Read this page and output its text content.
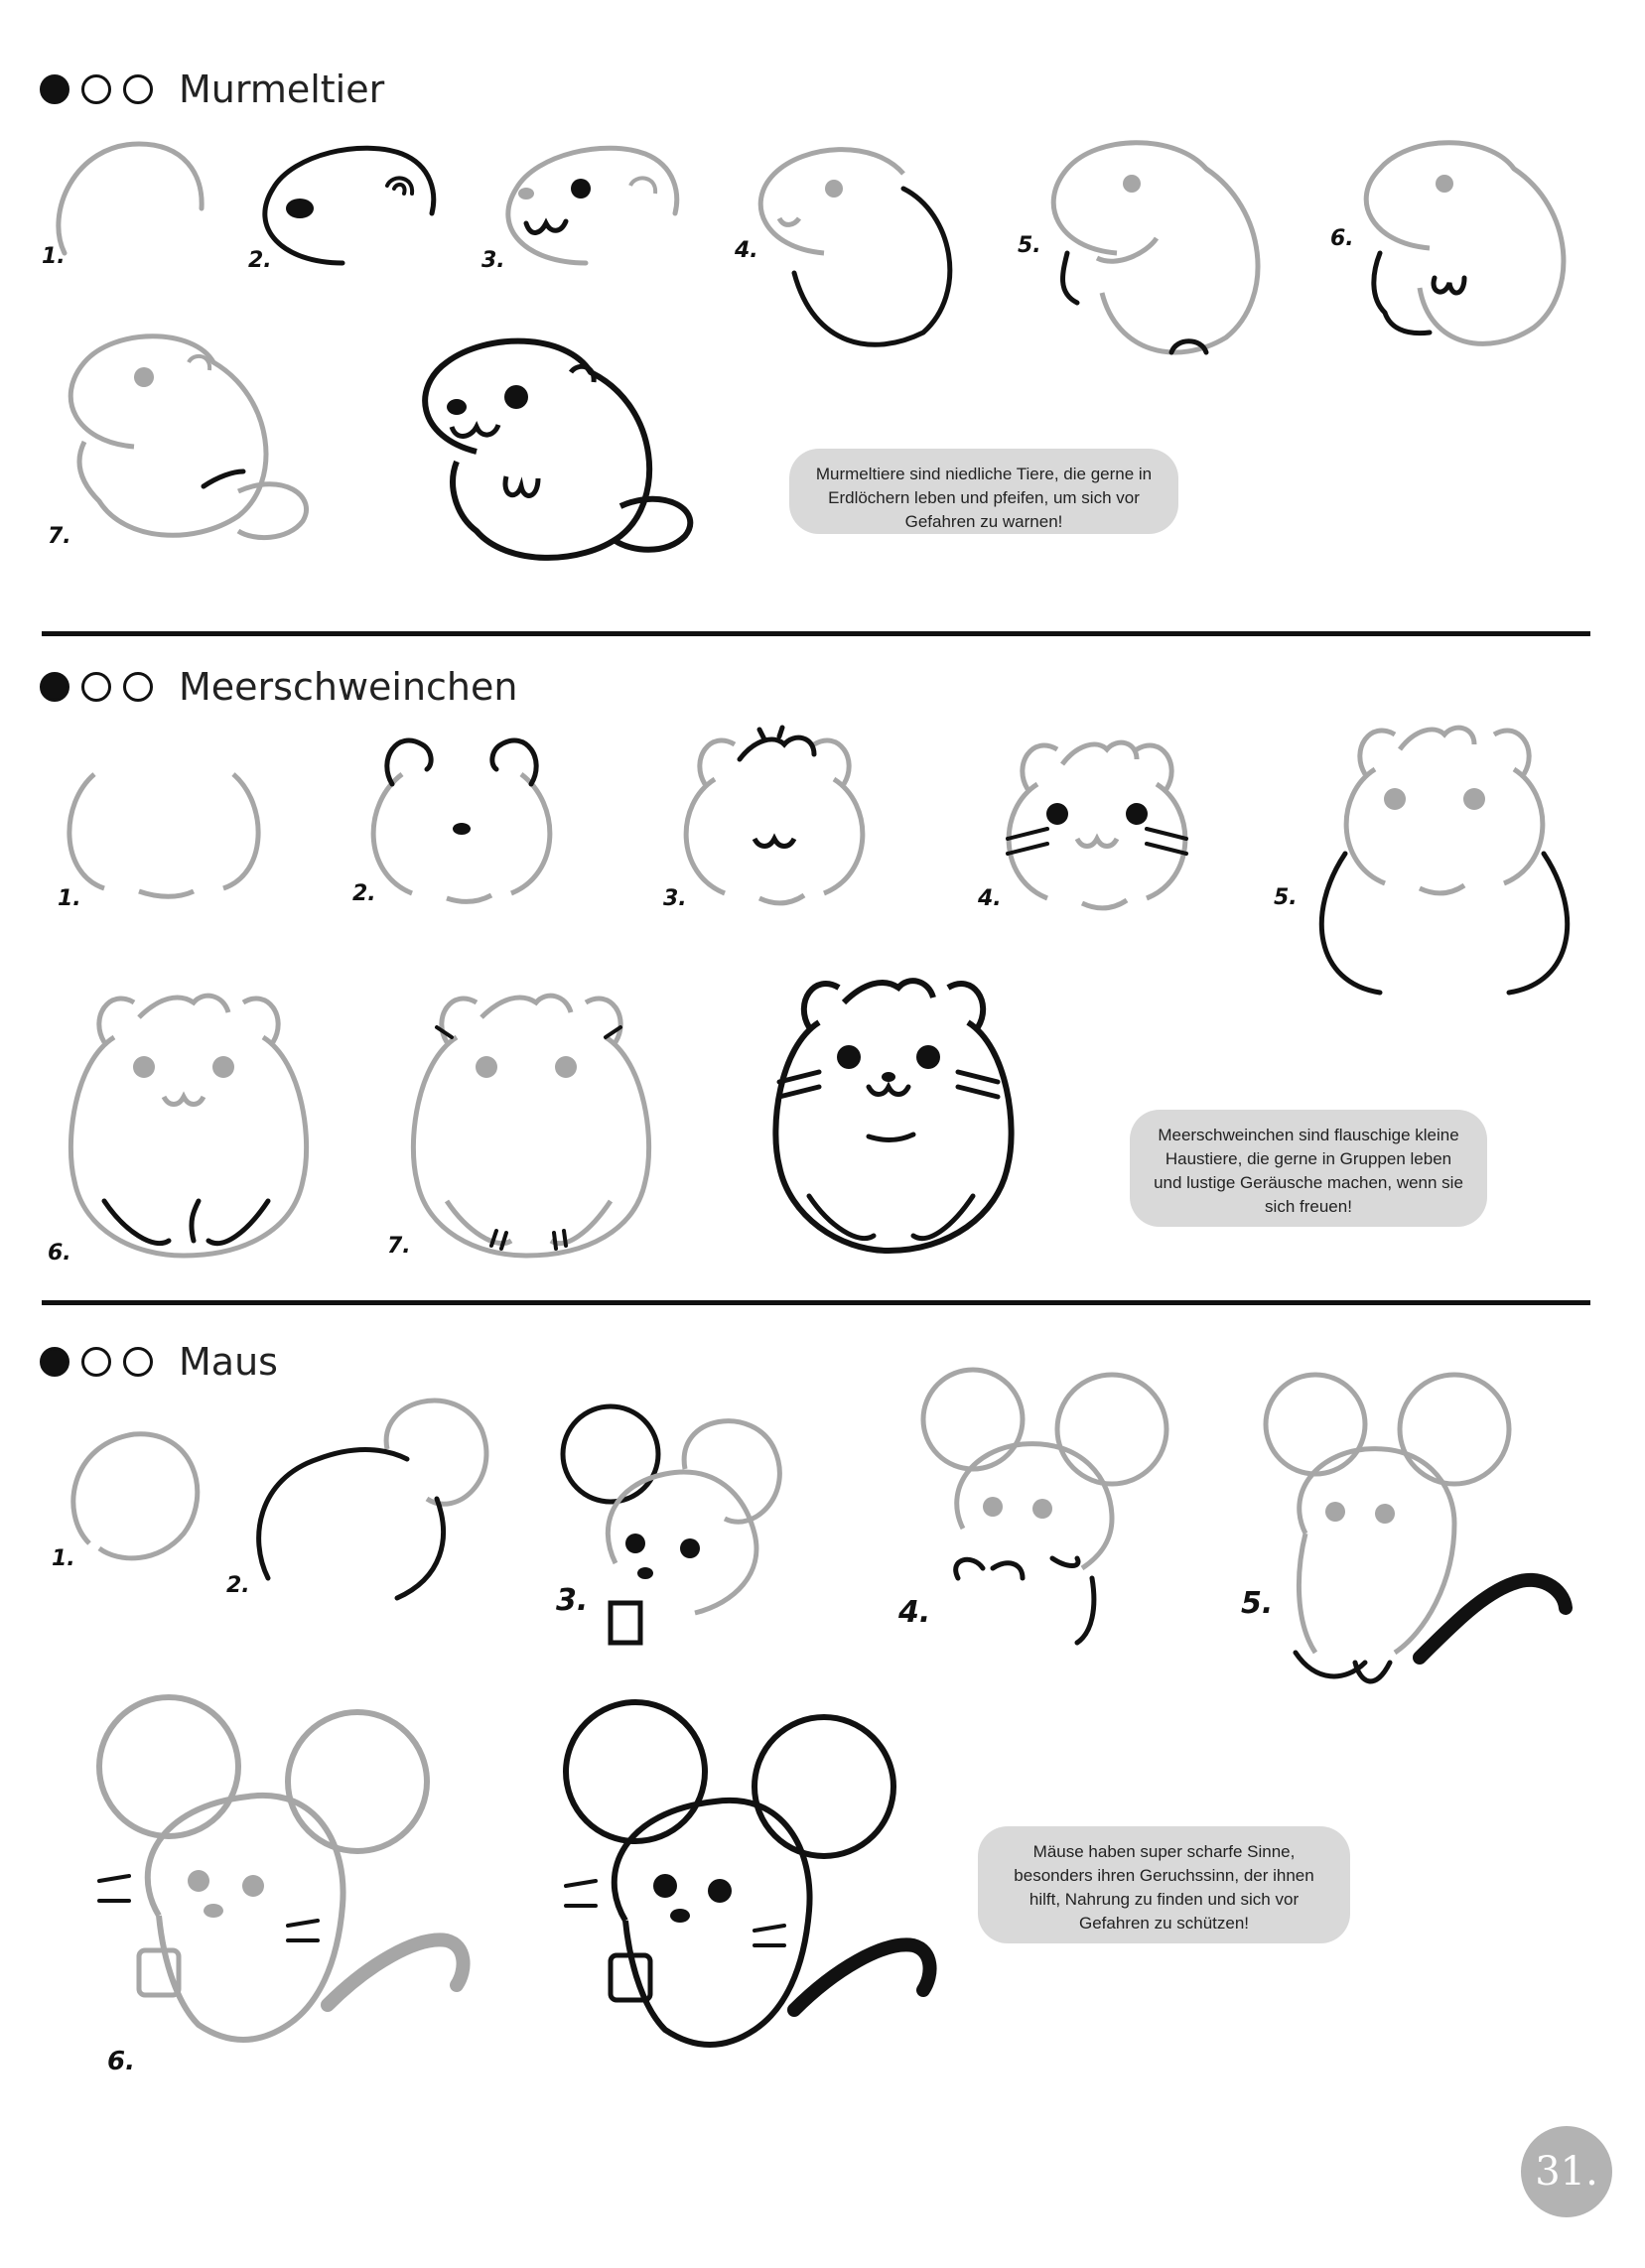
Murmeltier
1.	2.	3.	4.	5.	6.
7.
Murmeltiere sind niedliche Tiere, die gerne in Erdlöchern leben und pfeifen, um sich vor Gefahren zu warnen!
Meerschweinchen
1.	2.	3.	4.	5.
6.	7.
Meerschweinchen sind flauschige kleine Haustiere, die gerne in Gruppen leben und lustige Geräusche machen, wenn sie sich freuen!
Maus
1.
2.	3.	4.	5.
6.
Mäuse haben super scharfe Sinne, besonders ihren Geruchssinn, der ihnen hilft, Nahrung zu finden und sich vor Gefahren zu schützen!
31.
